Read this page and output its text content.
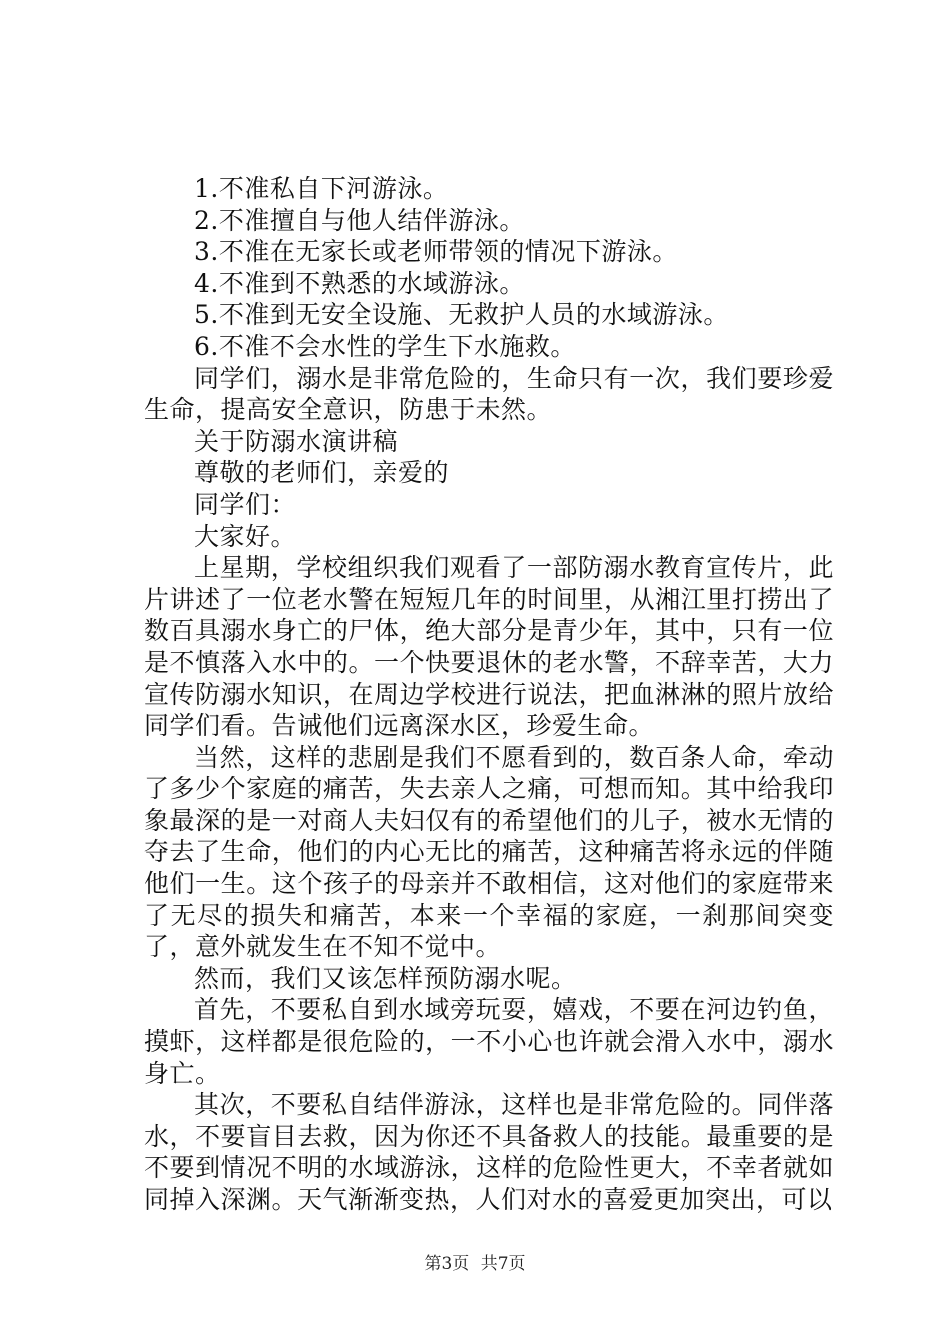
1.不准私自下河游泳。

2.不准擅自与他人结伴游泳。

3.不准在无家长或老师带领的情况下游泳。

4.不准到不熟悉的水域游泳。

5.不准到无安全设施、无救护人员的水域游泳。

6.不准不会水性的学生下水施救。

同学们，溺水是非常危险的，生命只有一次，我们要珍爱生命，提高安全意识，防患于未然。

关于防溺水演讲稿

尊敬的老师们，亲爱的

同学们：

大家好。

上星期，学校组织我们观看了一部防溺水教育宣传片，此片讲述了一位老水警在短短几年的时间里，从湘江里打捞出了数百具溺水身亡的尸体，绝大部分是青少年，其中，只有一位是不慎落入水中的。一个快要退休的老水警，不辞幸苦，大力宣传防溺水知识，在周边学校进行说法，把血淋淋的照片放给同学们看。告诫他们远离深水区，珍爱生命。

当然，这样的悲剧是我们不愿看到的，数百条人命，牵动了多少个家庭的痛苦，失去亲人之痛，可想而知。其中给我印象最深的是一对商人夫妇仅有的希望他们的儿子，被水无情的夺去了生命，他们的内心无比的痛苦，这种痛苦将永远的伴随他们一生。这个孩子的母亲并不敢相信，这对他们的家庭带来了无尽的损失和痛苦，本来一个幸福的家庭，一刹那间突变了，意外就发生在不知不觉中。

然而，我们又该怎样预防溺水呢。

首先，不要私自到水域旁玩耍，嬉戏，不要在河边钓鱼，摸虾，这样都是很危险的，一不小心也许就会滑入水中，溺水身亡。

其次，不要私自结伴游泳，这样也是非常危险的。同伴落水，不要盲目去救，因为你还不具备救人的技能。最重要的是不要到情况不明的水域游泳，这样的危险性更大，不幸者就如同掉入深渊。天气渐渐变热，人们对水的喜爱更加突出，可以

第3页 共7页
